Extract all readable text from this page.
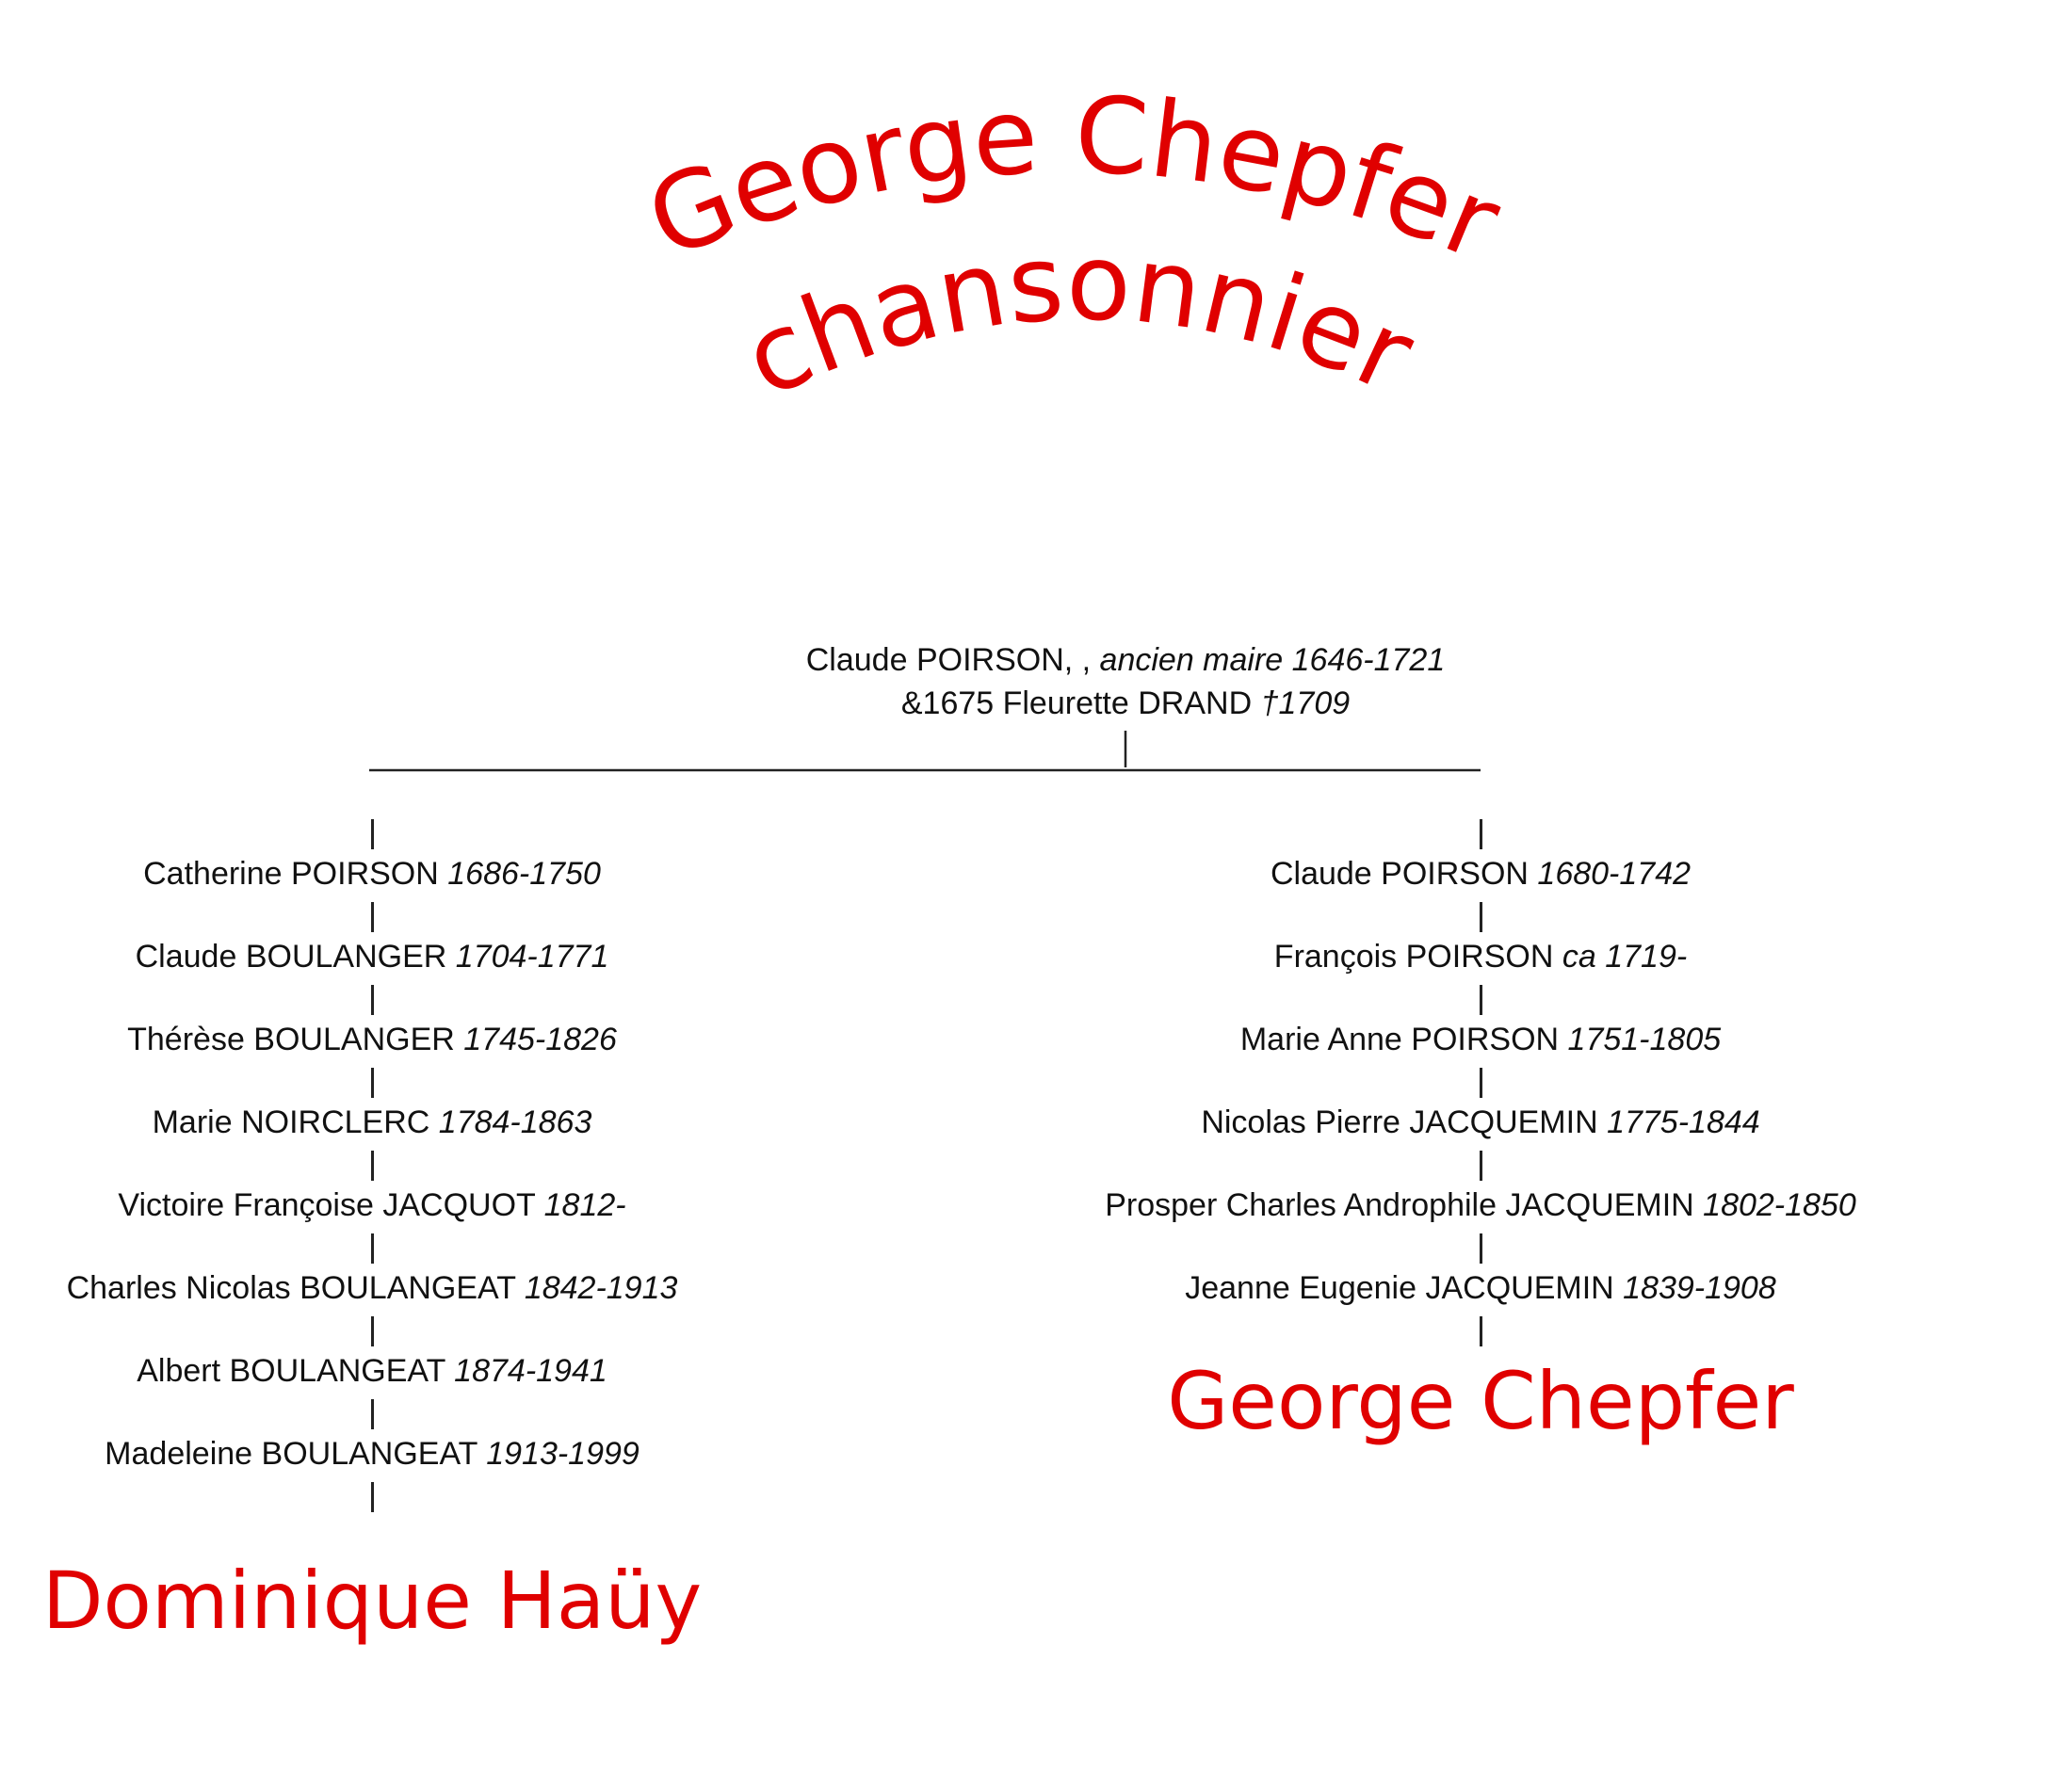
George Chepfer
chansonnier
Claude POIRSON, , ancien maire 1646-1721
&1675 Fleurette DRAND †1709
Catherine POIRSON 1686-1750
Claude BOULANGER 1704-1771
Thérèse BOULANGER 1745-1826
Marie NOIRCLERC 1784-1863
Victoire Françoise JACQUOT 1812-
Charles Nicolas BOULANGEAT 1842-1913
Albert BOULANGEAT 1874-1941
Madeleine BOULANGEAT 1913-1999
Dominique Haüy
Claude POIRSON 1680-1742
François POIRSON ca 1719-
Marie Anne POIRSON 1751-1805
Nicolas Pierre JACQUEMIN 1775-1844
Prosper Charles Androphile JACQUEMIN 1802-1850
Jeanne Eugenie JACQUEMIN 1839-1908
George Chepfer
